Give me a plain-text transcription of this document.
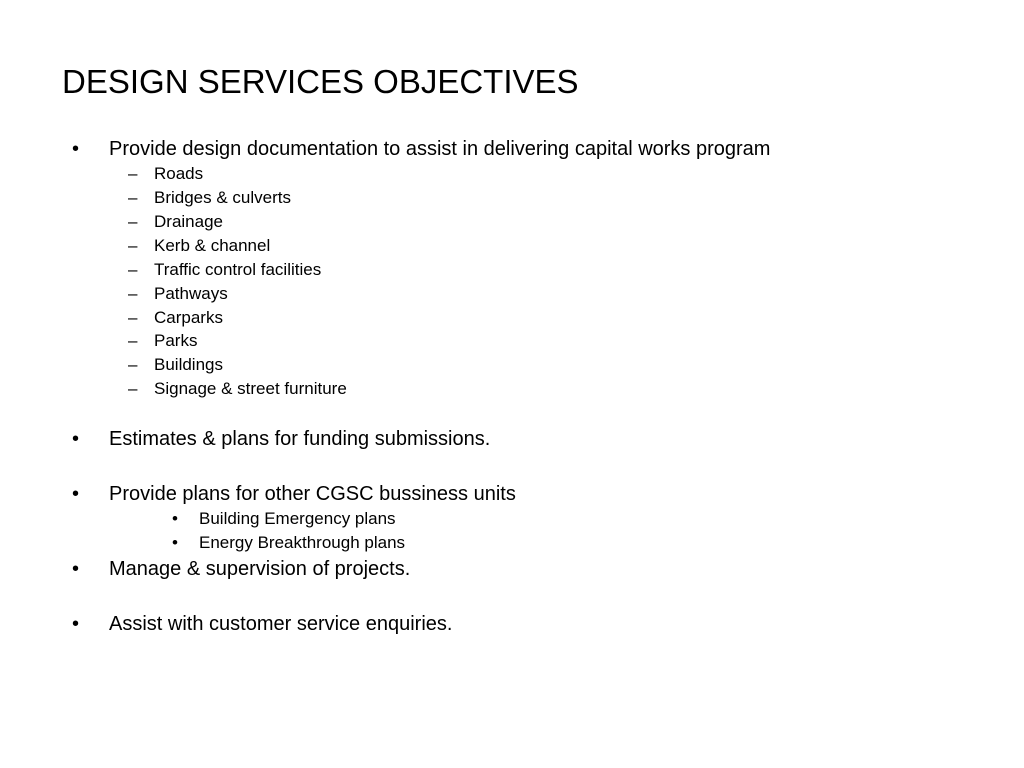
DESIGN SERVICES OBJECTIVES
• Provide design documentation to assist in delivering capital works program
– Roads
– Bridges & culverts
– Drainage
– Kerb & channel
– Traffic control facilities
– Pathways
– Carparks
– Parks
– Buildings
– Signage & street furniture
• Estimates & plans for funding submissions.
• Provide plans for other CGSC bussiness units
• Building Emergency plans
• Energy Breakthrough plans
• Manage & supervision of projects.
• Assist with customer service enquiries.
